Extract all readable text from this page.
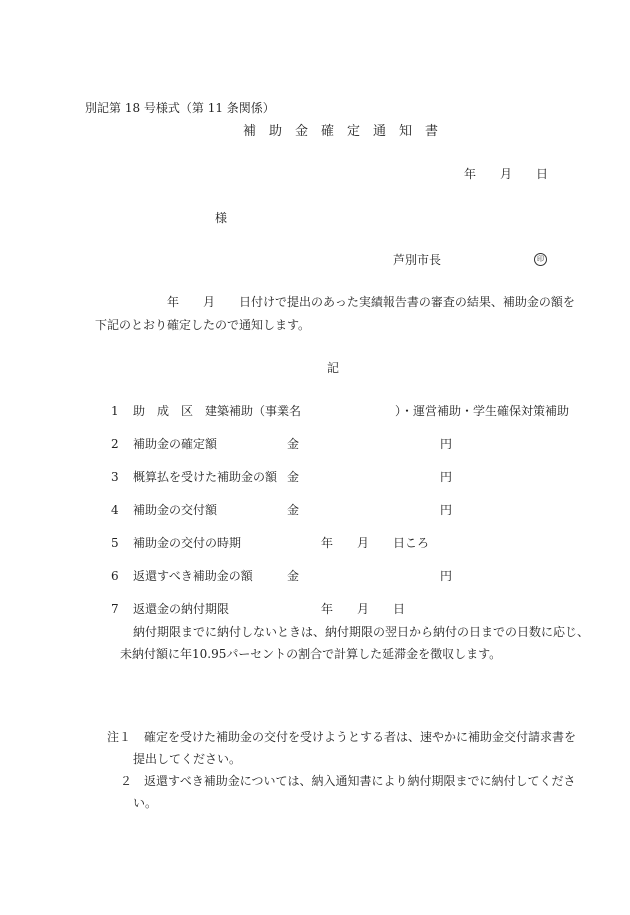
別記第 18 号様式（第 11 条関係）
補　助　金　確　定　通　知　書
年 月 日
様
芦別市長	印
年　　月　　日付けで提出のあった実績報告書の審査の結果、補助金の額を
下記のとおり確定したので通知します。
記
1 助　成　区　建築補助（事業名	）・運営補助・学生確保対策補助
2 補助金の確定額	金	円
3 概算払を受けた補助金の額 金	円
4 補助金の交付額	金	円
5 補助金の交付の時期	年　　月　　日ころ
6 返還すべき補助金の額	金	円
7 返還金の納付期限	年　　月　　日
納付期限までに納付しないときは、納付期限の翌日から納付の日までの日数に応じ、
未納付額に年10.95パーセントの割合で計算した延滞金を徴収します。
注１ 確定を受けた補助金の交付を受けようとする者は、速やかに補助金交付請求書を
提出してください。
２ 返還すべき補助金については、納入通知書により納付期限までに納付してくださ
い。
